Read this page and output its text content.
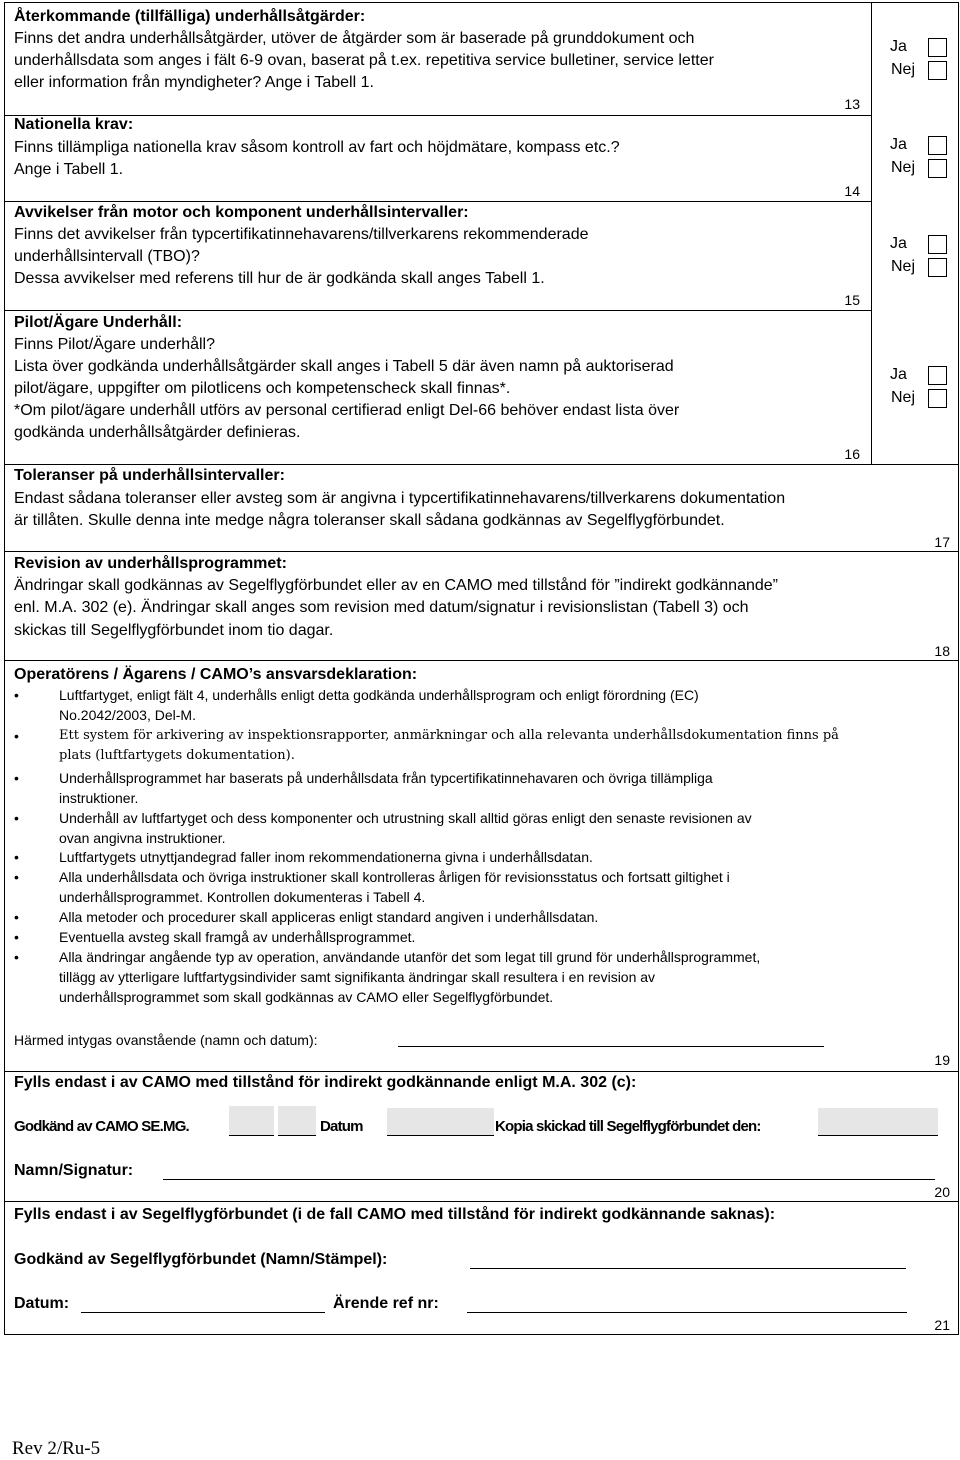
Återkommande (tillfälliga) underhållsåtgärder:
Finns det andra underhållsåtgärder, utöver de åtgärder som är baserade på grunddokument och
underhållsdata som anges i fält 6-9 ovan, baserat på t.ex. repetitiva service bulletiner, service letter
eller information från myndigheter? Ange i Tabell 1.
13
Ja
Nej
Nationella krav:
Finns tillämpliga nationella krav såsom kontroll av fart och höjdmätare, kompass etc.?
Ange i Tabell 1.
14
Ja
Nej
Avvikelser från motor och komponent underhållsintervaller:
Finns det avvikelser från typcertifikatinnehavarens/tillverkarens rekommenderade
underhållsintervall (TBO)?
Dessa avvikelser med referens till hur de är godkända skall anges Tabell 1.
15
Ja
Nej
Pilot/Ägare Underhåll:
Finns Pilot/Ägare underhåll?
Lista över godkända underhållsåtgärder skall anges i Tabell 5 där även namn på auktoriserad
pilot/ägare, uppgifter om pilotlicens och kompetenscheck skall finnas*.
*Om pilot/ägare underhåll utförs av personal certifierad enligt Del-66 behöver endast lista över
godkända underhållsåtgärder definieras.
16
Ja
Nej
Toleranser på underhållsintervaller:
Endast sådana toleranser eller avsteg som är angivna i typcertifikatinnehavarens/tillverkarens dokumentation
är tillåten. Skulle denna inte medge några toleranser skall sådana godkännas av Segelflygförbundet.
17
Revision av underhållsprogrammet:
Ändringar skall godkännas av Segelflygförbundet eller av en CAMO med tillstånd för ”indirekt godkännande”
enl. M.A. 302 (e). Ändringar skall anges som revision med datum/signatur i revisionslistan (Tabell 3) och
skickas till Segelflygförbundet inom tio dagar.
18
Operatörens / Ägarens / CAMO’s ansvarsdeklaration:
•	Luftfartyget, enligt fält 4, underhålls enligt detta godkända underhållsprogram och enligt förordning (EC)
No.2042/2003, Del-M.
•	Ett system för arkivering av inspektionsrapporter, anmärkningar och alla relevanta underhållsdokumentation finns på
plats (luftfartygets dokumentation).
•	Underhållsprogrammet har baserats på underhållsdata från typcertifikatinnehavaren och övriga tillämpliga
instruktioner.
•	Underhåll av luftfartyget och dess komponenter och utrustning skall alltid göras enligt den senaste revisionen av
ovan angivna instruktioner.
•	Luftfartygets utnyttjandegrad faller inom rekommendationerna givna i underhållsdatan.
•	Alla underhållsdata och övriga instruktioner skall kontrolleras årligen för revisionsstatus och fortsatt giltighet i
underhållsprogrammet. Kontrollen dokumenteras i Tabell 4.
•	Alla metoder och procedurer skall appliceras enligt standard angiven i underhållsdatan.
•	Eventuella avsteg skall framgå av underhållsprogrammet.
•	Alla ändringar angående typ av operation, användande utanför det som legat till grund för underhållsprogrammet,
tillägg av ytterligare luftfartygsindivider samt signifikanta ändringar skall resultera i en revision av
underhållsprogrammet som skall godkännas av CAMO eller Segelflygförbundet.
Härmed intygas ovanstående (namn och datum):
19
Fylls endast i av CAMO med tillstånd för indirekt godkännande enligt M.A. 302 (c):
Godkänd av CAMO SE.MG.	Datum	Kopia skickad till Segelflygförbundet den:
Namn/Signatur:
20
Fylls endast i av Segelflygförbundet (i de fall CAMO med tillstånd för indirekt godkännande saknas):
Godkänd av Segelflygförbundet (Namn/Stämpel):
Datum:	Ärende ref nr:
21
Rev 2/Ru-5
